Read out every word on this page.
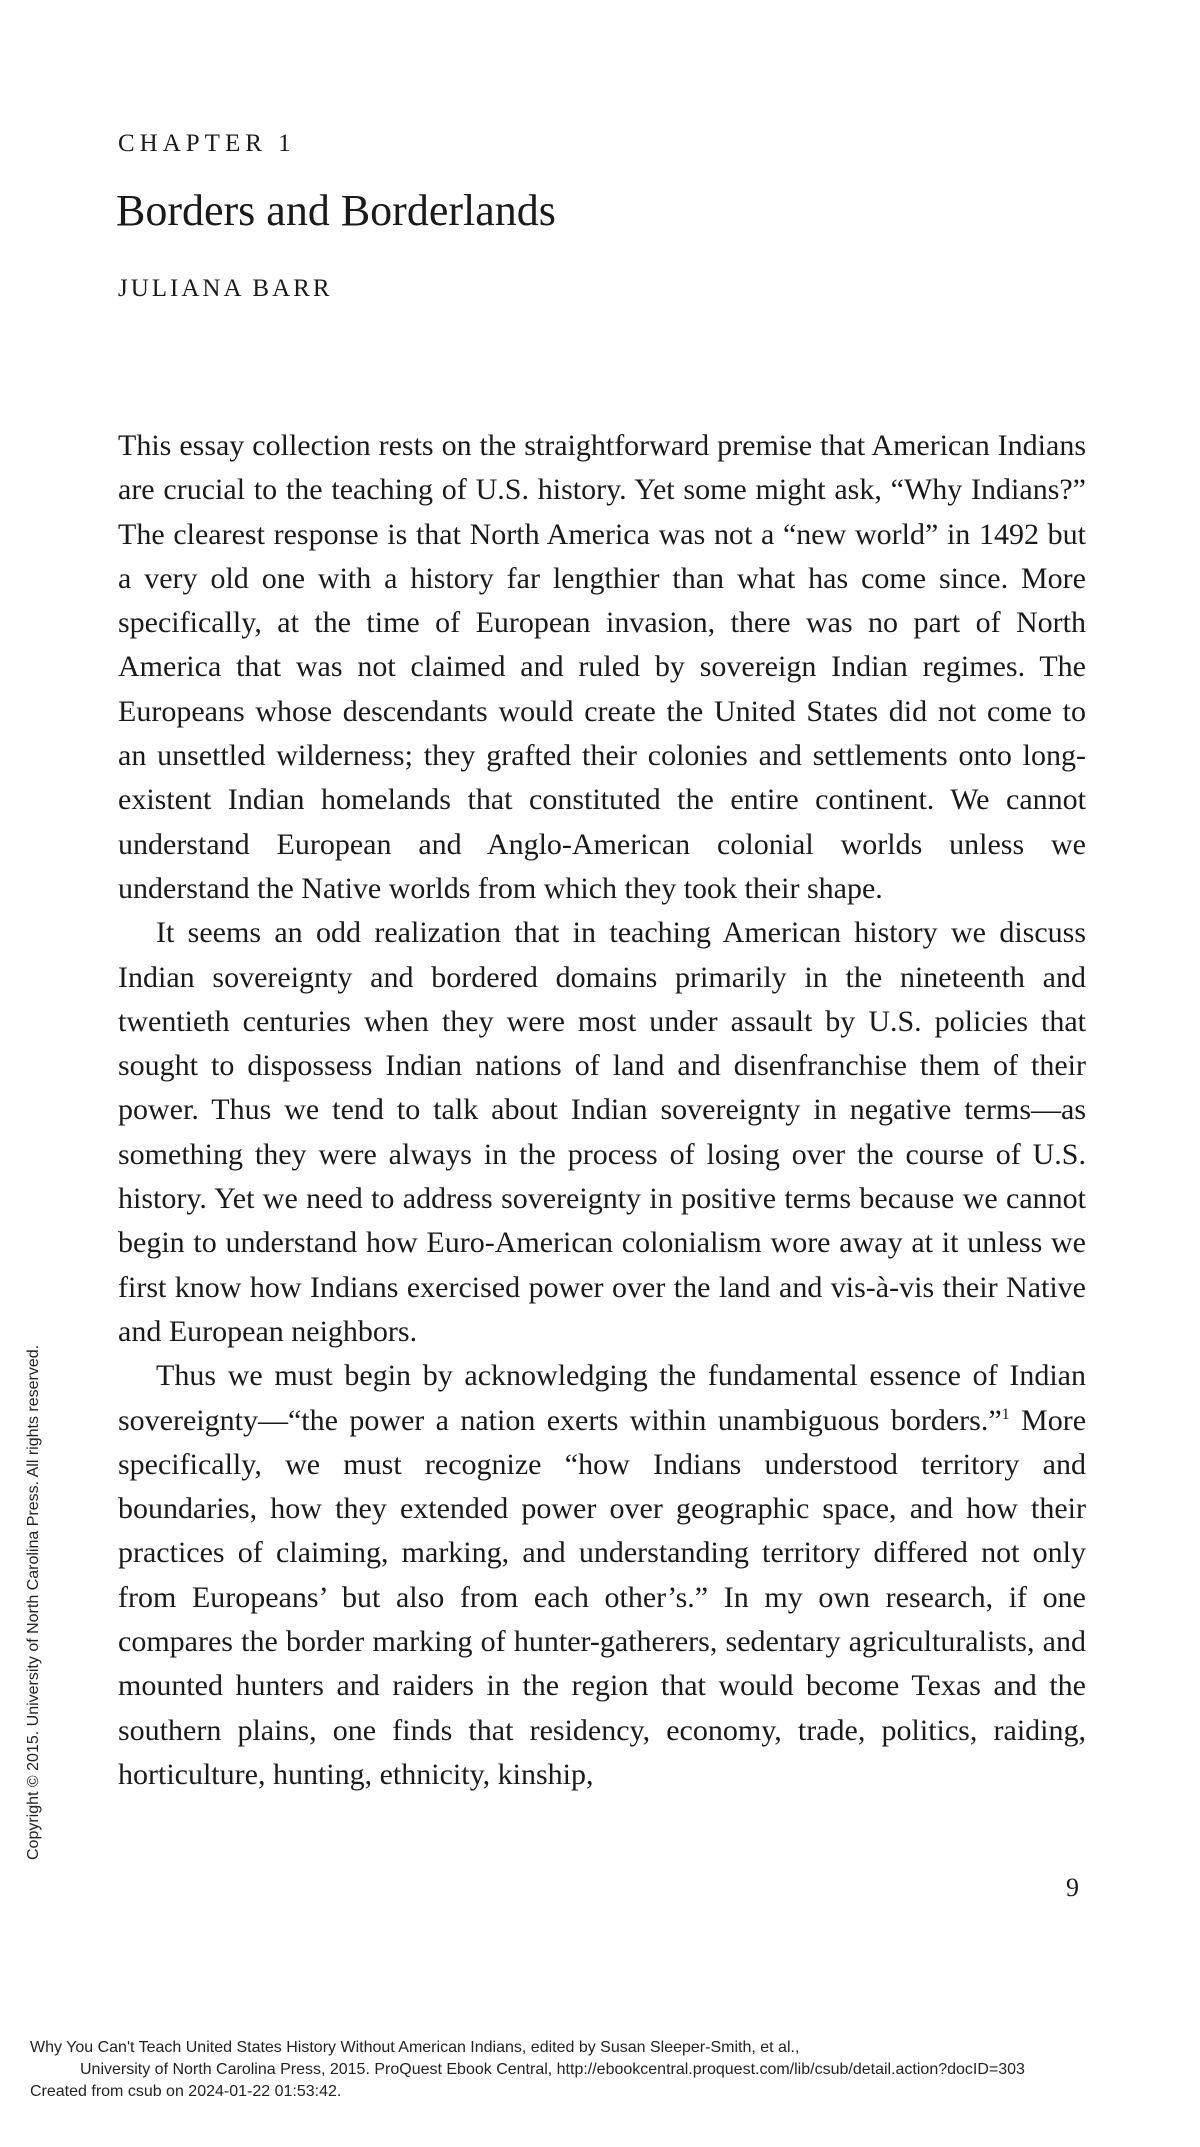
CHAPTER 1
Borders and Borderlands
JULIANA BARR

This essay collection rests on the straightforward premise that American Indians are crucial to the teaching of U.S. history. Yet some might ask, “Why Indians?” The clearest response is that North America was not a “new world” in 1492 but a very old one with a history far lengthier than what has come since. More specifically, at the time of European invasion, there was no part of North America that was not claimed and ruled by sovereign Indian regimes. The Europeans whose descendants would create the United States did not come to an unsettled wilderness; they grafted their colonies and settlements onto long-existent Indian homelands that constituted the entire continent. We cannot understand European and Anglo-American colonial worlds unless we understand the Native worlds from which they took their shape.

It seems an odd realization that in teaching American history we discuss Indian sovereignty and bordered domains primarily in the nineteenth and twentieth centuries when they were most under assault by U.S. policies that sought to dispossess Indian nations of land and disenfranchise them of their power. Thus we tend to talk about Indian sovereignty in negative terms—as something they were always in the process of losing over the course of U.S. history. Yet we need to address sovereignty in positive terms because we cannot begin to understand how Euro-American colonialism wore away at it unless we first know how Indians exercised power over the land and vis-à-vis their Native and European neighbors.

Thus we must begin by acknowledging the fundamental essence of Indian sovereignty—“the power a nation exerts within unambiguous borders.”$^1$ More specifically, we must recognize “how Indians understood territory and boundaries, how they extended power over geographic space, and how their practices of claiming, marking, and understanding territory differed not only from Europeans’ but also from each other’s.” In my own research, if one compares the border marking of hunter-gatherers, sedentary agriculturalists, and mounted hunters and raiders in the region that would become Texas and the southern plains, one finds that residency, economy, trade, politics, raiding, horticulture, hunting, ethnicity, kinship,

9
Copyright © 2015. University of North Carolina Press. All rights reserved.
Why You Can't Teach United States History Without American Indians, edited by Susan Sleeper-Smith, et al.,
University of North Carolina Press, 2015. ProQuest Ebook Central, http://ebookcentral.proquest.com/lib/csub/detail.action?docID=303
Created from csub on 2024-01-22 01:53:42.
